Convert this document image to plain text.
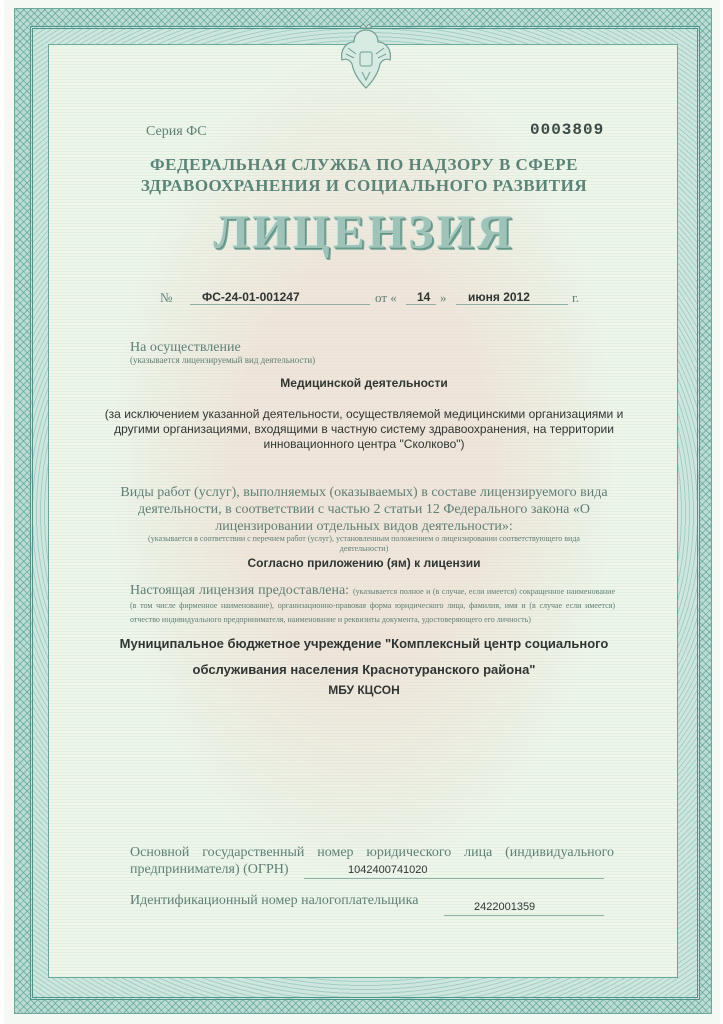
Серия ФС	0003809
ФЕДЕРАЛЬНАЯ СЛУЖБА ПО НАДЗОРУ В СФЕРЕ
ЗДРАВООХРАНЕНИЯ И СОЦИАЛЬНОГО РАЗВИТИЯ
ЛИЦЕНЗИЯ
№ ФС-24-01-001247	от « 14 » июня 2012	г.
На осуществление
(указывается лицензируемый вид деятельности)
Медицинской деятельности
(за исключением указанной деятельности, осуществляемой медицинскими организациями и другими организациями, входящими в частную систему здравоохранения, на территории инновационного центра "Сколково")
Виды работ (услуг), выполняемых (оказываемых) в составе лицензируемого вида деятельности, в соответствии с частью 2 статьи 12 Федерального закона «О лицензировании отдельных видов деятельности»:
(указывается в соответствии с перечнем работ (услуг), установленным положением о лицензировании соответствующего вида деятельности)
Согласно приложению (ям) к лицензии
Настоящая лицензия предоставлена: (указывается полное и (в случае, если имеется) сокращенное наименование (в том числе фирменное наименование), организационно-правовая форма юридического лица, фамилия, имя и (в случае если имеется) отчество индивидуального предпринимателя, наименование и реквизиты документа, удостоверяющего его личность)
Муниципальное бюджетное учреждение "Комплексный центр социального
обслуживания населения Краснотуранского района"
МБУ КЦСОН
Основной государственный номер юридического лица (индивидуального предпринимателя) (ОГРН)	1042400741020
Идентификационный номер налогоплательщика	2422001359
